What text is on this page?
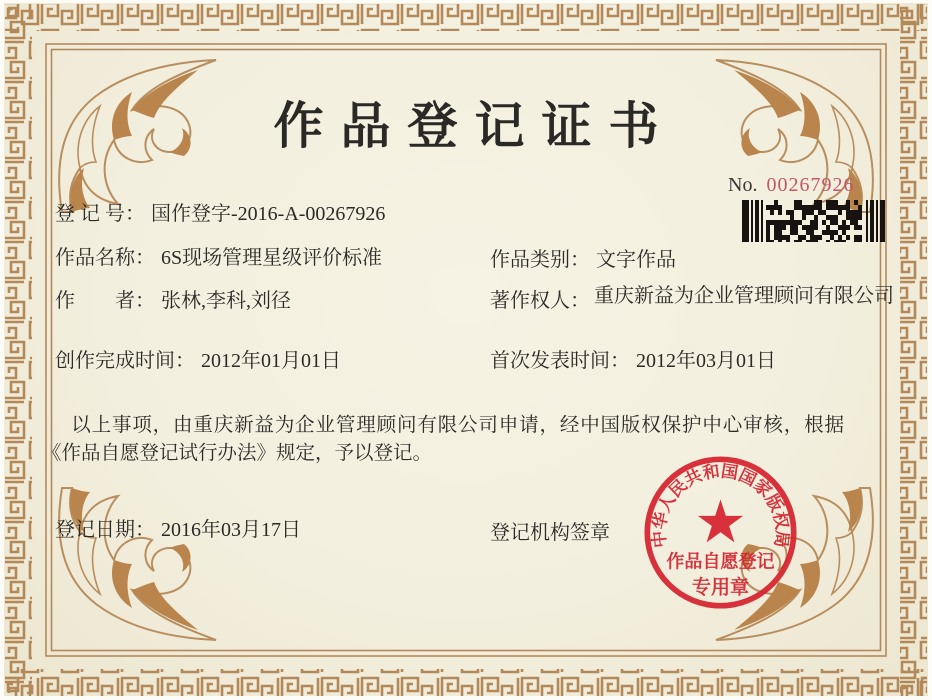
作品登记证书
No. 00267926
登 记 号： 国作登字-2016-A-00267926
作品名称： 6S现场管理星级评价标准	作品类别： 文字作品
作　　者： 张林,李科,刘径	著作权人： 重庆新益为企业管理顾问有限公司
创作完成时间： 2012年01月01日	首次发表时间： 2012年03月01日
以上事项，由重庆新益为企业管理顾问有限公司申请，经中国版权保护中心审核，根据《作品自愿登记试行办法》规定，予以登记。
登记日期： 2016年03月17日	登记机构签章 中华人民共和国国家版权局
作品自愿登记
专用章
